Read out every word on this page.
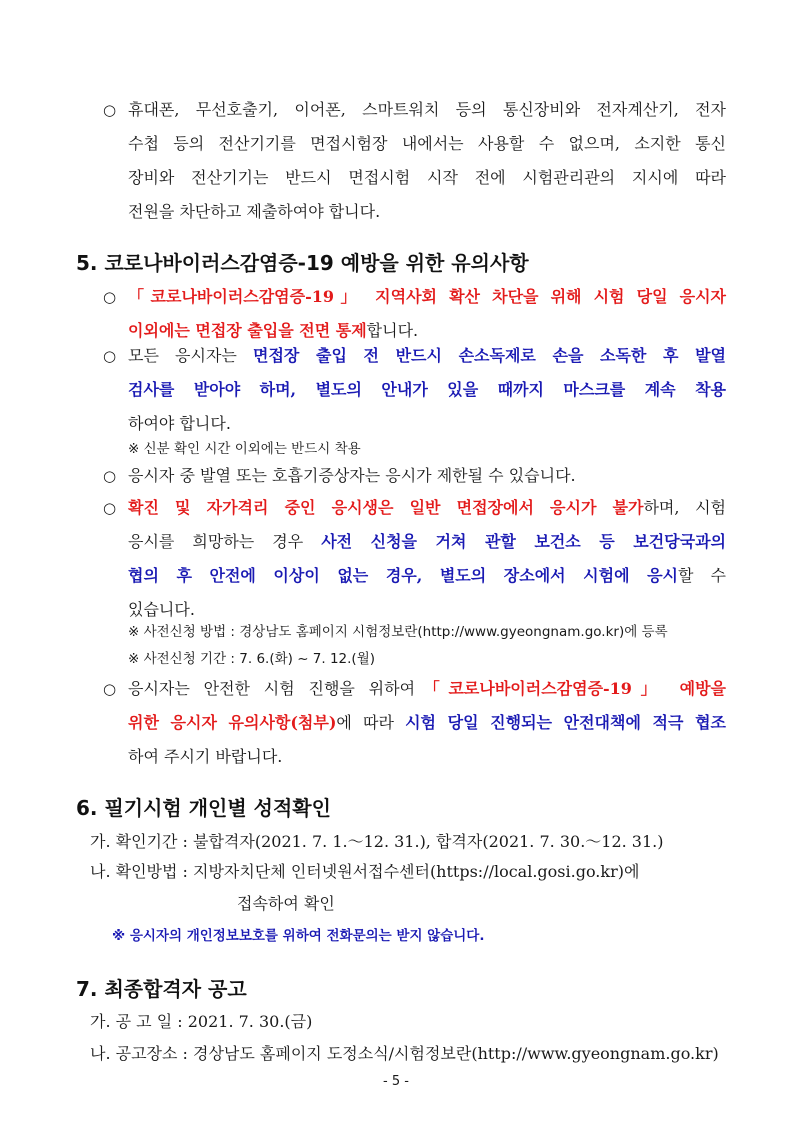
○ 휴대폰, 무선호출기, 이어폰, 스마트워치 등의 통신장비와 전자계산기, 전자
수첩 등의 전산기기를 면접시험장 내에서는 사용할 수 없으며, 소지한 통신
장비와 전산기기는 반드시 면접시험 시작 전에 시험관리관의 지시에 따라
전원을 차단하고 제출하여야 합니다.
5. 코로나바이러스감염증-19 예방을 위한 유의사항
○ 「코로나바이러스감염증-19」 지역사회 확산 차단을 위해 시험 당일 응시자
이외에는 면접장 출입을 전면 통제합니다.
○ 모든 응시자는 면접장 출입 전 반드시 손소독제로 손을 소독한 후 발열
검사를 받아야 하며, 별도의 안내가 있을 때까지 마스크를 계속 착용
하여야 합니다.
※ 신분 확인 시간 이외에는 반드시 착용
○ 응시자 중 발열 또는 호흡기증상자는 응시가 제한될 수 있습니다.
○ 확진 및 자가격리 중인 응시생은 일반 면접장에서 응시가 불가하며, 시험
응시를 희망하는 경우 사전 신청을 거쳐 관할 보건소 등 보건당국과의
협의 후 안전에 이상이 없는 경우, 별도의 장소에서 시험에 응시할 수
있습니다.
※ 사전신청 방법 : 경상남도 홈페이지 시험정보란(http://www.gyeongnam.go.kr)에 등록
※ 사전신청 기간 : 7. 6.(화) ~ 7. 12.(월)
○ 응시자는 안전한 시험 진행을 위하여「코로나바이러스감염증-19」 예방을
위한 응시자 유의사항(첨부)에 따라 시험 당일 진행되는 안전대책에 적극 협조
하여 주시기 바랍니다.
6. 필기시험 개인별 성적확인
가. 확인기간 : 불합격자(2021. 7. 1.～12. 31.), 합격자(2021. 7. 30.～12. 31.)
나. 확인방법 : 지방자치단체 인터넷원서접수센터(https://local.gosi.go.kr)에
접속하여 확인
※ 응시자의 개인정보보호를 위하여 전화문의는 받지 않습니다.
7. 최종합격자 공고
가. 공 고 일 : 2021. 7. 30.(금)
나. 공고장소 : 경상남도 홈페이지 도정소식/시험정보란(http://www.gyeongnam.go.kr)
- 5 -
